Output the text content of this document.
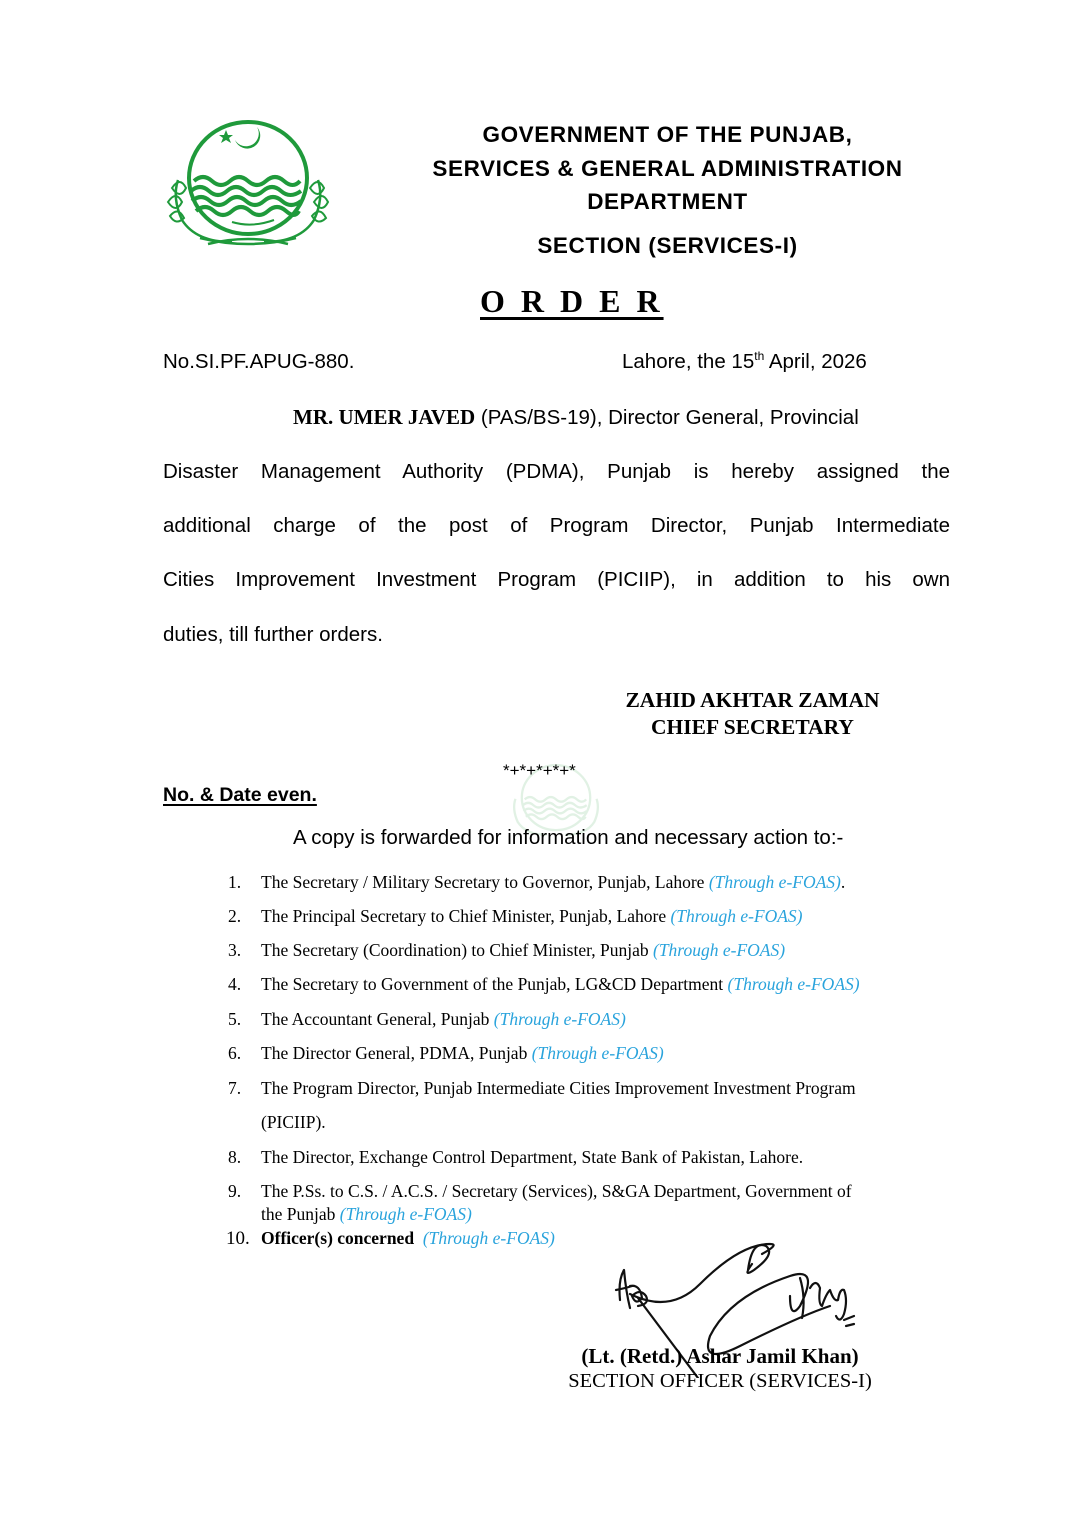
GOVERNMENT OF THE PUNJAB,
SERVICES & GENERAL ADMINISTRATION
DEPARTMENT
SECTION (SERVICES-I)
O R D E R
No.SI.PF.APUG-880.	Lahore, the 15th April, 2026
MR. UMER JAVED (PAS/BS-19), Director General, Provincial
Disaster Management Authority (PDMA), Punjab is hereby assigned the
additional charge of the post of Program Director, Punjab Intermediate
Cities Improvement Investment Program (PICIIP), in addition to his own
duties, till further orders.
ZAHID AKHTAR ZAMAN
CHIEF SECRETARY
*+*+*+*+*
No. & Date even.
A copy is forwarded for information and necessary action to:-
1. The Secretary / Military Secretary to Governor, Punjab, Lahore (Through e-FOAS).
2. The Principal Secretary to Chief Minister, Punjab, Lahore (Through e-FOAS)
3. The Secretary (Coordination) to Chief Minister, Punjab (Through e-FOAS)
4. The Secretary to Government of the Punjab, LG&CD Department (Through e-FOAS)
5. The Accountant General, Punjab (Through e-FOAS)
6. The Director General, PDMA, Punjab (Through e-FOAS)
7. The Program Director, Punjab Intermediate Cities Improvement Investment Program
(PICIIP).
8. The Director, Exchange Control Department, State Bank of Pakistan, Lahore.
9. The P.Ss. to C.S. / A.C.S. / Secretary (Services), S&GA Department, Government of
the Punjab (Through e-FOAS)
10. Officer(s) concerned (Through e-FOAS)
(Lt. (Retd.) Ashar Jamil Khan)
SECTION OFFICER (SERVICES-I)
